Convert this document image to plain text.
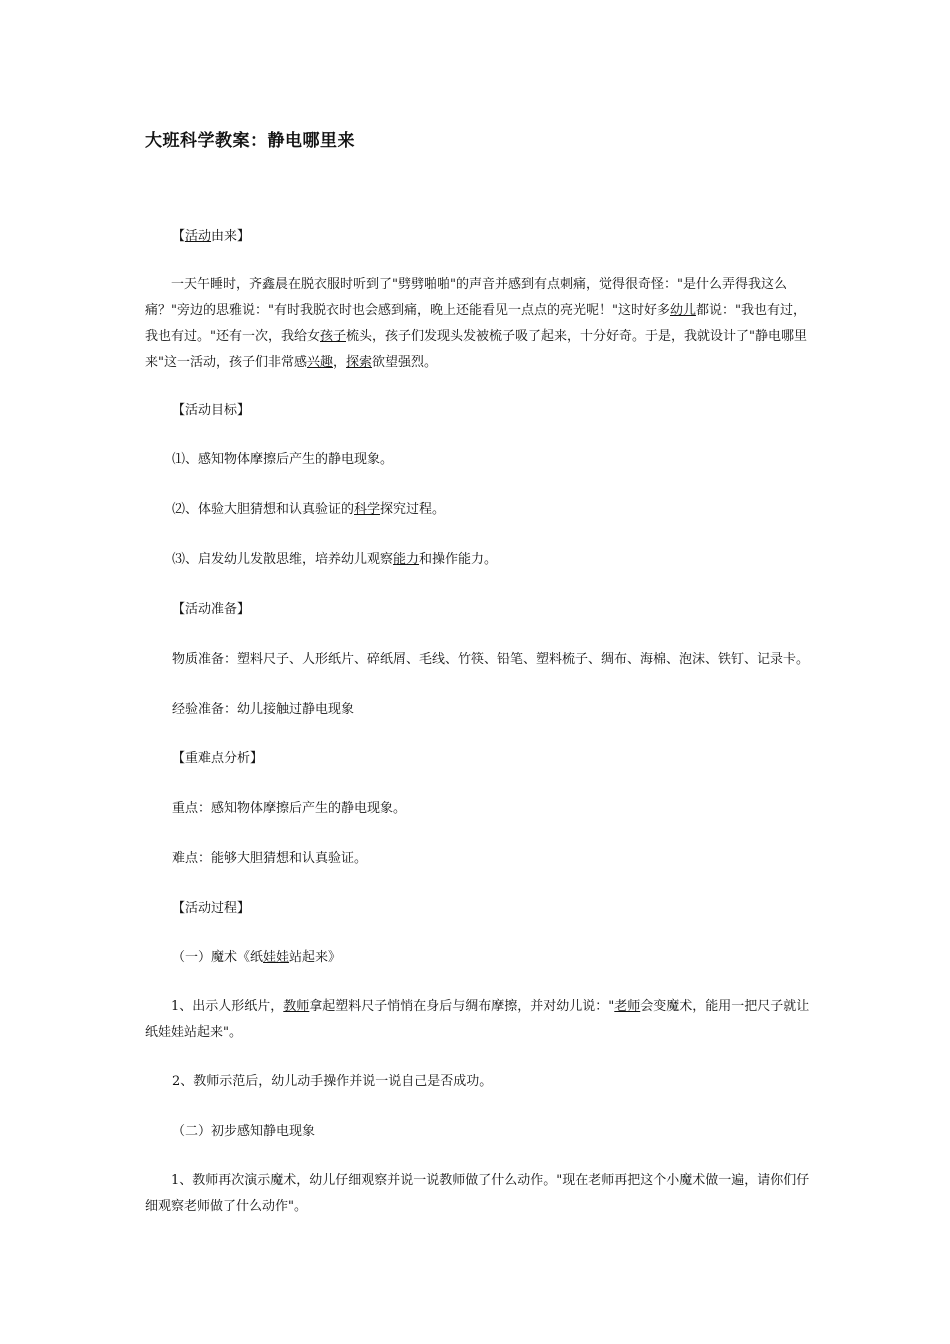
大班科学教案：静电哪里来
【活动由来】
一天午睡时，齐鑫晨在脱衣服时听到了"劈劈啪啪"的声音并感到有点刺痛，觉得很奇怪："是什么弄得我这么痛？"旁边的思雅说："有时我脱衣时也会感到痛，晚上还能看见一点点的亮光呢！"这时好多幼儿都说："我也有过，我也有过。"还有一次，我给女孩子梳头，孩子们发现头发被梳子吸了起来，十分好奇。于是，我就设计了"静电哪里来"这一活动，孩子们非常感兴趣，探索欲望强烈。
【活动目标】
⑴、感知物体摩擦后产生的静电现象。
⑵、体验大胆猜想和认真验证的科学探究过程。
⑶、启发幼儿发散思维，培养幼儿观察能力和操作能力。
【活动准备】
物质准备：塑料尺子、人形纸片、碎纸屑、毛线、竹筷、铅笔、塑料梳子、绸布、海棉、泡沫、铁钉、记录卡。
经验准备：幼儿接触过静电现象
【重难点分析】
重点：感知物体摩擦后产生的静电现象。
难点：能够大胆猜想和认真验证。
【活动过程】
（一）魔术《纸娃娃站起来》
1、出示人形纸片，教师拿起塑料尺子悄悄在身后与绸布摩擦，并对幼儿说："老师会变魔术，能用一把尺子就让纸娃娃站起来"。
2、教师示范后，幼儿动手操作并说一说自己是否成功。
（二）初步感知静电现象
1、教师再次演示魔术，幼儿仔细观察并说一说教师做了什么动作。"现在老师再把这个小魔术做一遍，请你们仔细观察老师做了什么动作"。
